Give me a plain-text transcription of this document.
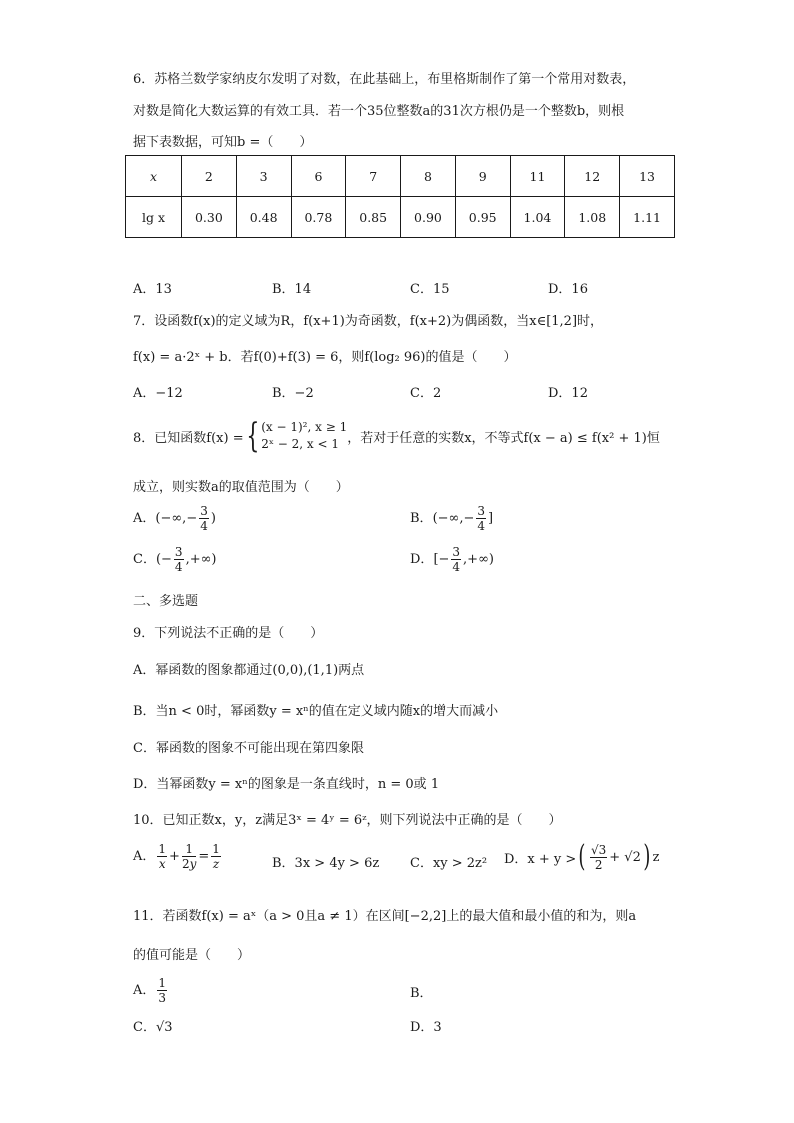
6．苏格兰数学家纳皮尔发明了对数，在此基础上，布里格斯制作了第一个常用对数表，
对数是简化大数运算的有效工具．若一个35位整数a的31次方根仍是一个整数b，则根
据下表数据，可知b =（　　）
x	2	3	6	7	8	9	11	12	13
lg x	0.30	0.48	0.78	0.85	0.90	0.95	1.04	1.08	1.11
A．13	B．14	C．15	D．16
7．设函数f(x)的定义域为R，f(x+1)为奇函数，f(x+2)为偶函数，当x∈[1,2]时，
f(x) = a·2ˣ + b．若f(0)+f(3) = 6，则f(log₂ 96)的值是（　　）
A．−12	B．−2	C．2	D．12
8．已知函数f(x) = { (x − 1)², x ≥ 1
2ˣ − 2, x < 1 ，若对于任意的实数x，不等式f(x − a) ≤ f(x² + 1)恒
成立，则实数a的取值范围为（　　）
A．(−∞,− $\frac{3}{4}$ )	B．(−∞,− $\frac{3}{4}$ ]
C．(− $\frac{3}{4}$ ,+∞)	D．[− $\frac{3}{4}$ ,+∞)
二、多选题
9．下列说法不正确的是（　　）
A．幂函数的图象都通过(0,0),(1,1)两点
B．当n < 0时，幂函数y = xⁿ的值在定义域内随x的增大而减小
C．幂函数的图象不可能出现在第四象限
D．当幂函数y = xⁿ的图象是一条直线时，n = 0或 1
10．已知正数x，y，z满足3ˣ = 4ʸ = 6ᶻ，则下列说法中正确的是（　　）
A． $\frac{1}{x} + \frac{1}{2y} = \frac{1}{z}$	B．3x > 4y > 6z C．xy > 2z² D．x + y > ( $\frac{√3}{2} + √2$ ) z
11．若函数f(x) = aˣ（a > 0且a ≠ 1）在区间[−2,2]上的最大值和最小值的和为，则a
的值可能是（　　）
A． $\frac{1}{3}$	B．
C．√3	D．3
